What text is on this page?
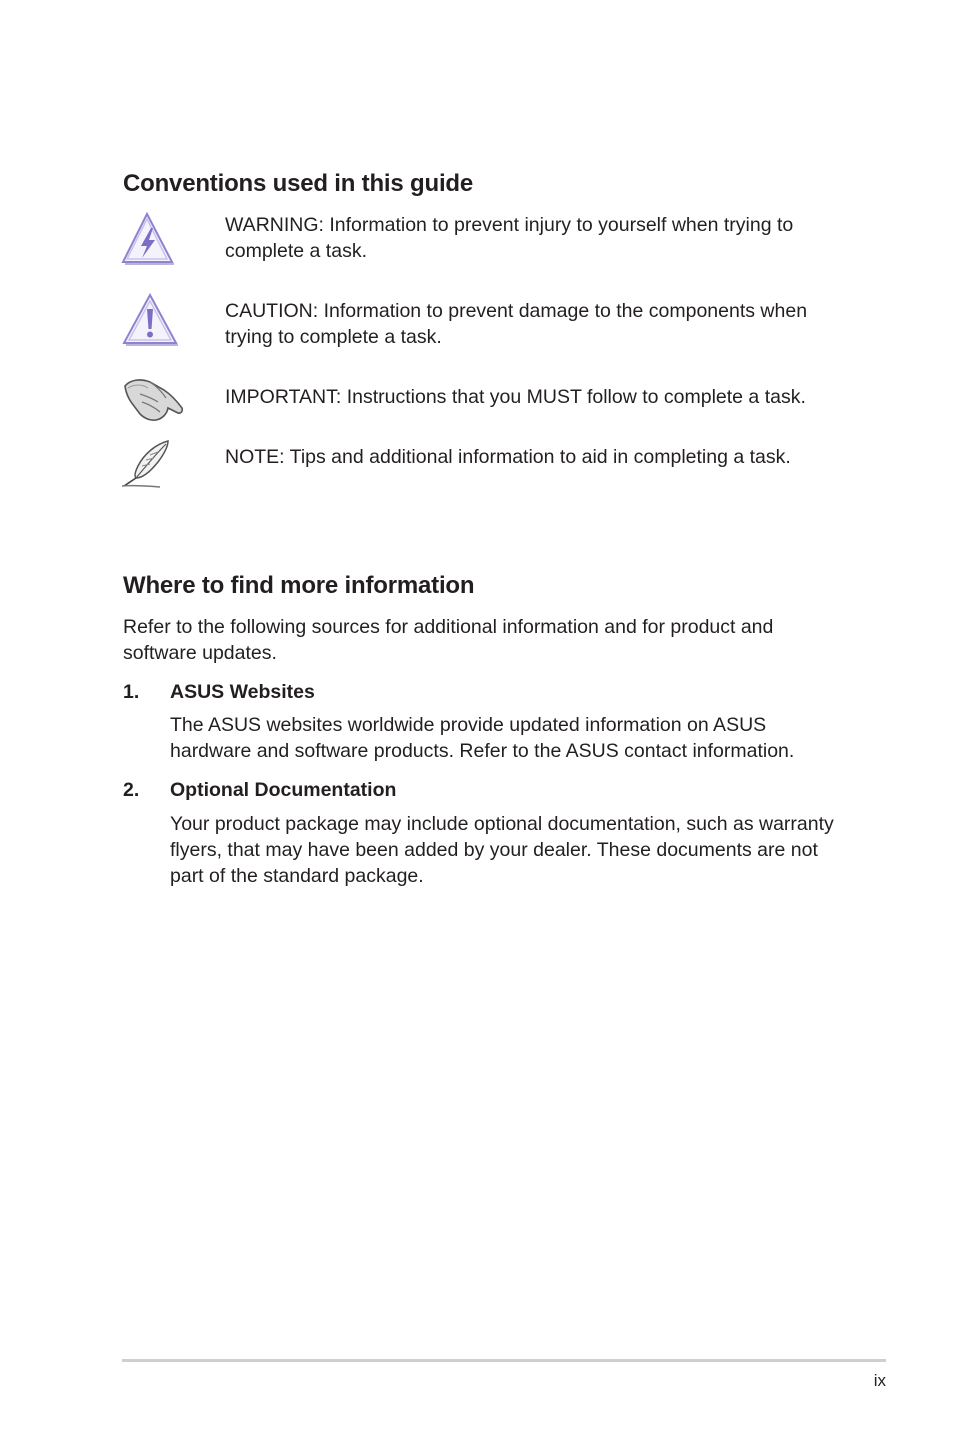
Conventions used in this guide

WARNING: Information to prevent injury to yourself when trying to complete a task.

CAUTION: Information to prevent damage to the components when trying to complete a task.

IMPORTANT: Instructions that you MUST follow to complete a task.

NOTE: Tips and additional information to aid in completing a task.

Where to find more information

Refer to the following sources for additional information and for product and software updates.

1. ASUS Websites

The ASUS websites worldwide provide updated information on ASUS hardware and software products. Refer to the ASUS contact information.

2. Optional Documentation

Your product package may include optional documentation, such as warranty flyers, that may have been added by your dealer. These documents are not part of the standard package.

ix
